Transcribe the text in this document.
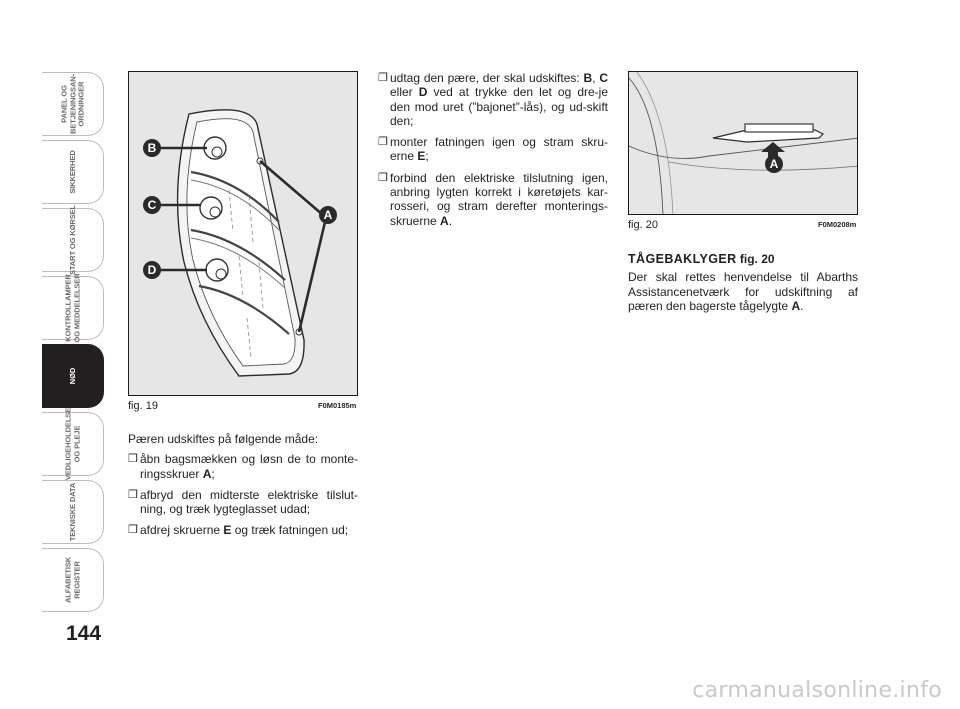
PANEL OG
BETJENINGSAN-
ORDNINGER
SIKKERHED
START OG KØRSEL
KONTROLLAMPER
OG MEDDELELSER
NØD
VEDLIGEHOLDELSE
OG PLEJE
TEKNISKE DATA
ALFABETISK
REGISTER
144
B
C
D
A
fig. 19	F0M0185m

Pæren udskiftes på følgende måde:

❒ åbn bagsmækken og løsn de to monte-ringsskruer A;

❒ afbryd den midterste elektriske tilslut-ning, og træk lygteglasset udad;

❒ afdrej skruerne E og træk fatningen ud;

❒ udtag den pære, der skal udskiftes: B, C eller D ved at trykke den let og dre-je den mod uret (”bajonet”-lås), og ud-skift den;

❒ monter fatningen igen og stram skru-erne E;

❒ forbind den elektriske tilslutning igen, anbring lygten korrekt i køretøjets kar-rosseri, og stram derefter monterings-skruerne A.

A
fig. 20	F0M0208m

TÅGEBAKLYGER fig. 20

Der skal rettes henvendelse til Abarths Assistancenetværk for udskiftning af pæren den bagerste tågelygte A.

carmanualsonline.info
